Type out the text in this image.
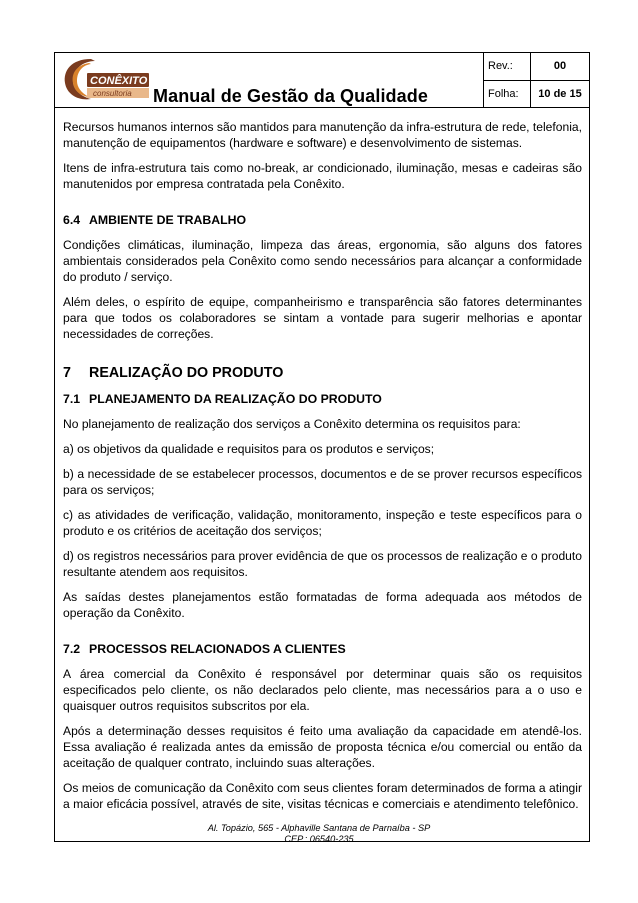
CONÊXITO
consultoria Manual de Gestão da Qualidade
Rev.:	00
Folha:	10 de 15

Recursos humanos internos são mantidos para manutenção da infra-estrutura de rede, telefonia, manutenção de equipamentos (hardware e software) e desenvolvimento de sistemas.

Itens de infra-estrutura tais como no-break, ar condicionado, iluminação, mesas e cadeiras são manutenidos por empresa contratada pela Conêxito.

6.4 AMBIENTE DE TRABALHO

Condições climáticas, iluminação, limpeza das áreas, ergonomia, são alguns dos fatores ambientais considerados pela Conêxito como sendo necessários para alcançar a conformidade do produto / serviço.

Além deles, o espírito de equipe, companheirismo e transparência são fatores determinantes para que todos os colaboradores se sintam a vontade para sugerir melhorias e apontar necessidades de correções.

7 REALIZAÇÃO DO PRODUTO
7.1 PLANEJAMENTO DA REALIZAÇÃO DO PRODUTO

No planejamento de realização dos serviços a Conêxito determina os requisitos para:

a) os objetivos da qualidade e requisitos para os produtos e serviços;

b) a necessidade de se estabelecer processos, documentos e de se prover recursos específicos para os serviços;

c) as atividades de verificação, validação, monitoramento, inspeção e teste específicos para o produto e os critérios de aceitação dos serviços;

d) os registros necessários para prover evidência de que os processos de realização e o produto resultante atendem aos requisitos.

As saídas destes planejamentos estão formatadas de forma adequada aos métodos de operação da Conêxito.

7.2 PROCESSOS RELACIONADOS A CLIENTES

A área comercial da Conêxito é responsável por determinar quais são os requisitos especificados pelo cliente, os não declarados pelo cliente, mas necessários para a o uso e quaisquer outros requisitos subscritos por ela.

Após a determinação desses requisitos é feito uma avaliação da capacidade em atendê-los. Essa avaliação é realizada antes da emissão de proposta técnica e/ou comercial ou então da aceitação de qualquer contrato, incluindo suas alterações.

Os meios de comunicação da Conêxito com seus clientes foram determinados de forma a atingir a maior eficácia possível, através de site, visitas técnicas e comerciais e atendimento telefônico.

Al. Topázio, 565 - Alphaville Santana de Parnaíba - SP
CEP.: 06540-235
